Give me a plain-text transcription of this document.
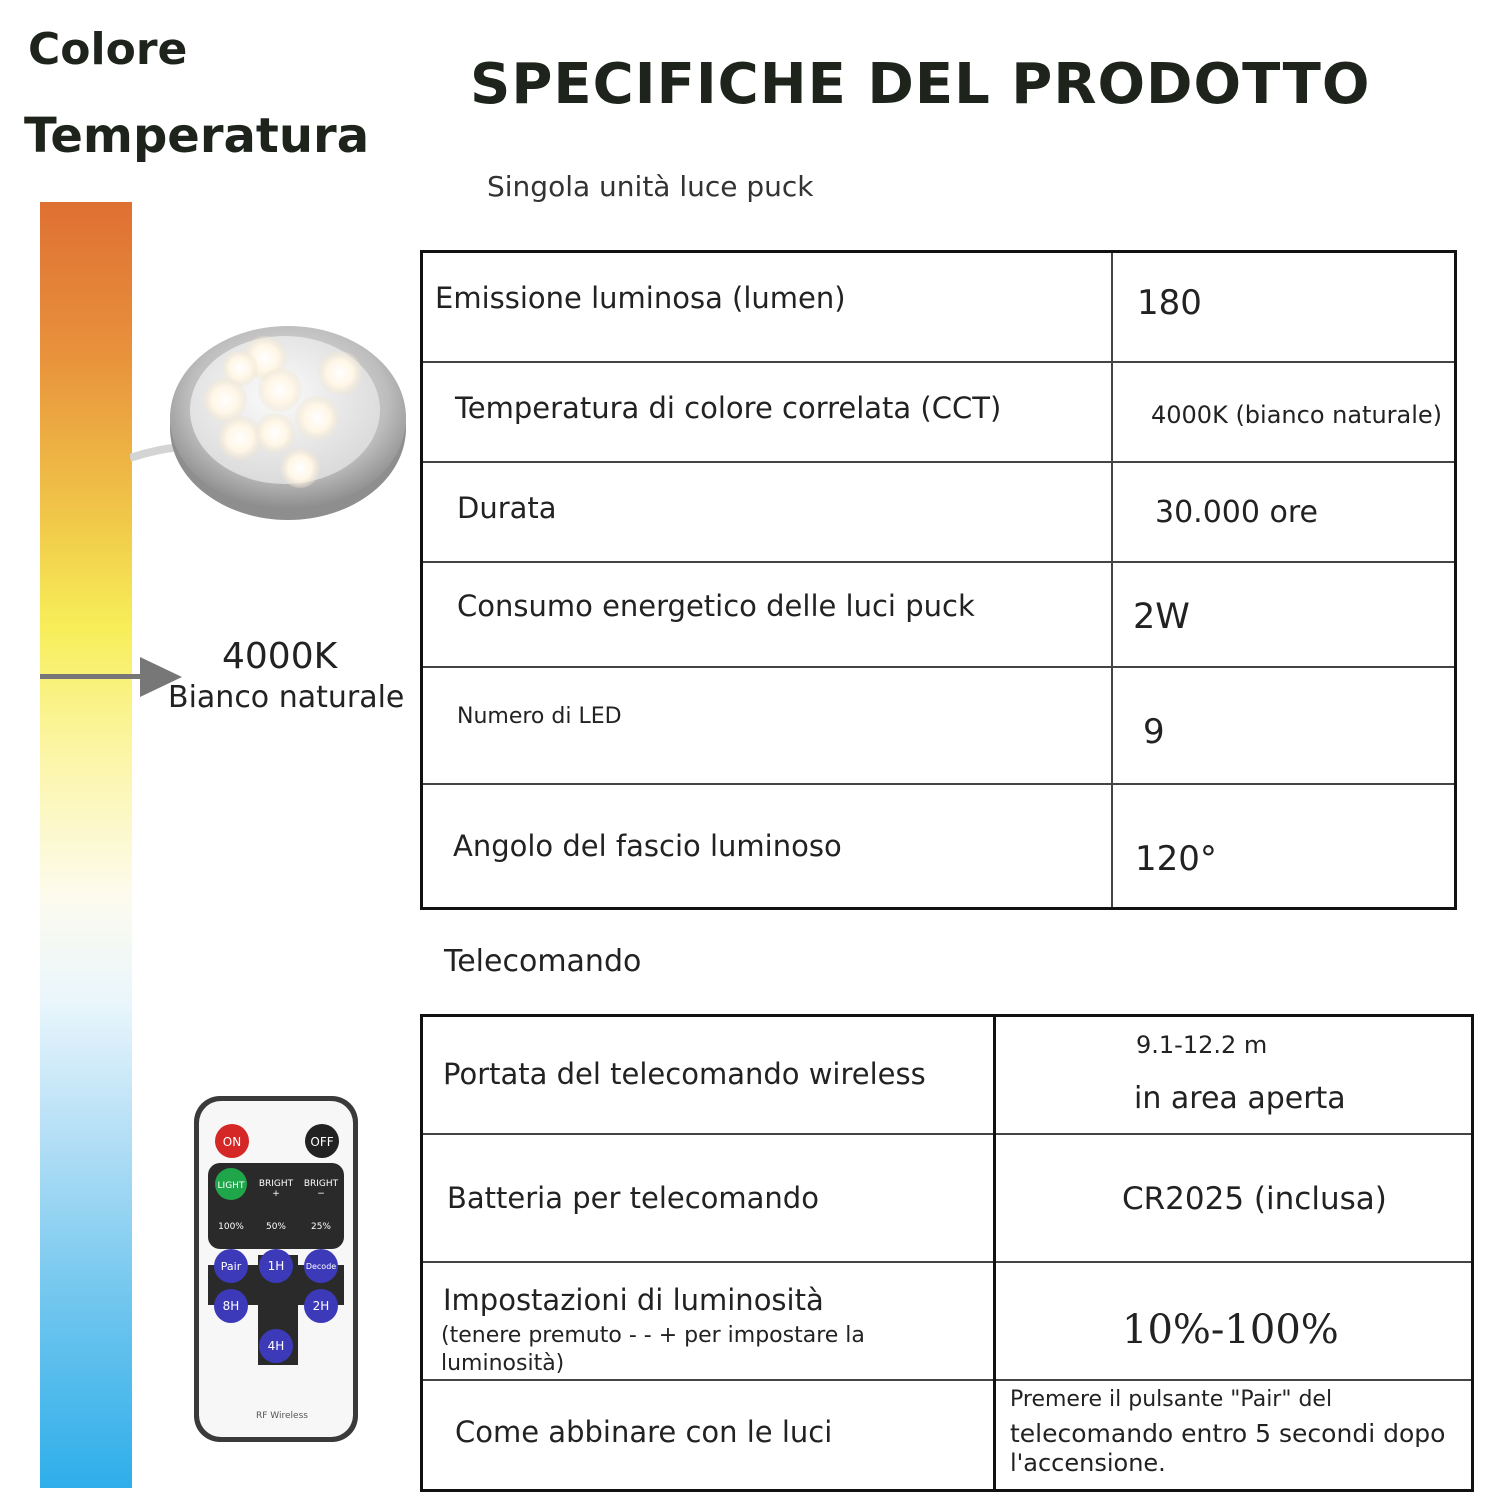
Colore
Temperatura
4000K
Bianco naturale
SPECIFICHE DEL PRODOTTO
Singola unità luce puck
Emissione luminosa (lumen)	180

Temperatura di colore correlata (CCT)	4000K (bianco naturale)

Durata	30.000 ore

Consumo energetico delle luci puck	2W

Numero di LED	9

Angolo del fascio luminoso	120°
Telecomando
Portata del telecomando wireless	9.1-12.2 m
in area aperta

Batteria per telecomando	CR2025 (inclusa)

Impostazioni di luminosità
(tenere premuto - - + per impostare la
luminosità)	10%-100%

Come abbinare con le luci	Premere il pulsante "Pair" del
telecomando entro 5 secondi dopo
l'accensione.
ON	OFF
LIGHT BRIGHT
+
BRIGHT
−
100% 50%	25%
Pair 1H	Decode
8H	2H
4H
RF Wireless
